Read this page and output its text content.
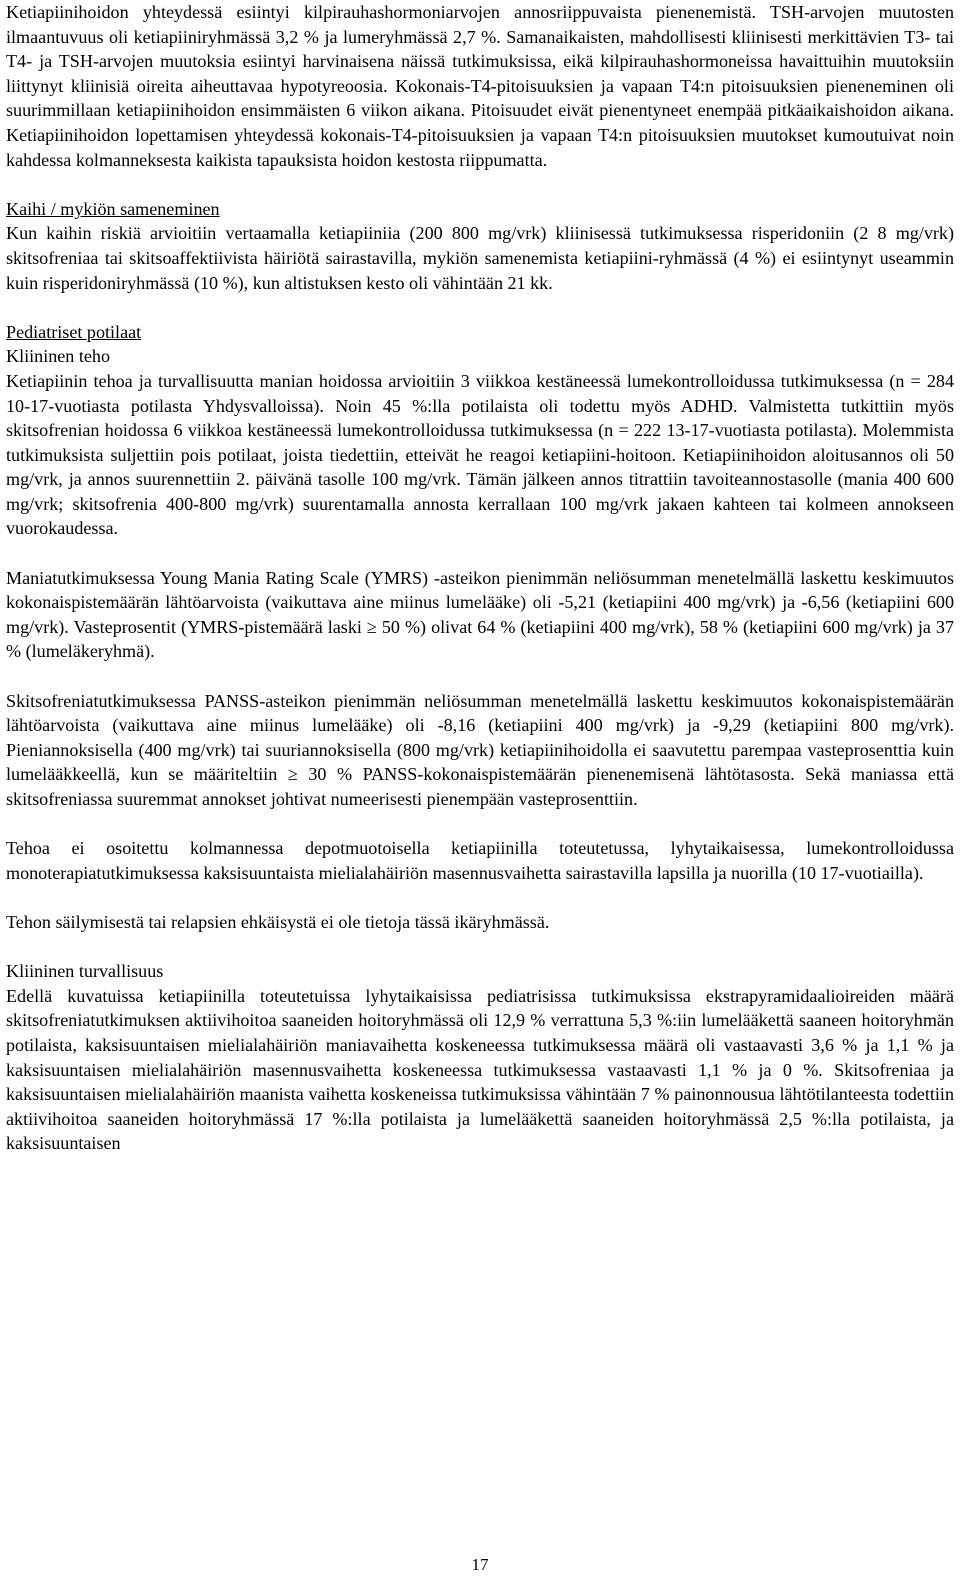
Ketiapiinihoidon yhteydessä esiintyi kilpirauhashormoniarvojen annosriippuvaista pienenemistä. TSH-arvojen muutosten ilmaantuvuus oli ketiapiiniryhmässä 3,2 % ja lumeryhmässä 2,7 %. Samanaikaisten, mahdollisesti kliinisesti merkittävien T3- tai T4- ja TSH-arvojen muutoksia esiintyi harvinaisena näissä tutkimuksissa, eikä kilpirauhashormoneissa havaittuihin muutoksiin liittynyt kliinisiä oireita aiheuttavaa hypotyreoosia. Kokonais-T4-pitoisuuksien ja vapaan T4:n pitoisuuksien pieneneminen oli suurimmillaan ketiapiinihoidon ensimmäisten 6 viikon aikana. Pitoisuudet eivät pienentyneet enempää pitkäaikaishoidon aikana. Ketiapiinihoidon lopettamisen yhteydessä kokonais-T4-pitoisuuksien ja vapaan T4:n pitoisuuksien muutokset kumoutuivat noin kahdessa kolmanneksesta kaikista tapauksista hoidon kestosta riippumatta.

Kaihi / mykiön sameneminen

Kun kaihin riskiä arvioitiin vertaamalla ketiapiiniia (200 800 mg/vrk) kliinisessä tutkimuksessa risperidoniin (2 8 mg/vrk) skitsofreniaa tai skitsoaffektiivista häiriötä sairastavilla, mykiön samenemista ketiapiini-ryhmässä (4 %) ei esiintynyt useammin kuin risperidoniryhmässä (10 %), kun altistuksen kesto oli vähintään 21 kk.

Pediatriset potilaat

Kliininen teho

Ketiapiinin tehoa ja turvallisuutta manian hoidossa arvioitiin 3 viikkoa kestäneessä lumekontrolloidussa tutkimuksessa (n = 284 10-17-vuotiasta potilasta Yhdysvalloissa). Noin 45 %:lla potilaista oli todettu myös ADHD. Valmistetta tutkittiin myös skitsofrenian hoidossa 6 viikkoa kestäneessä lumekontrolloidussa tutkimuksessa (n = 222 13-17-vuotiasta potilasta). Molemmista tutkimuksista suljettiin pois potilaat, joista tiedettiin, etteivät he reagoi ketiapiini-hoitoon. Ketiapiinihoidon aloitusannos oli 50 mg/vrk, ja annos suurennettiin 2. päivänä tasolle 100 mg/vrk. Tämän jälkeen annos titrattiin tavoiteannostasolle (mania 400 600 mg/vrk; skitsofrenia 400-800 mg/vrk) suurentamalla annosta kerrallaan 100 mg/vrk jakaen kahteen tai kolmeen annokseen vuorokaudessa.

Maniatutkimuksessa Young Mania Rating Scale (YMRS) -asteikon pienimmän neliösumman menetelmällä laskettu keskimuutos kokonaispistemäärän lähtöarvoista (vaikuttava aine miinus lumelääke) oli -5,21 (ketiapiini 400 mg/vrk) ja -6,56 (ketiapiini 600 mg/vrk). Vasteprosentit (YMRS-pistemäärä laski ≥ 50 %) olivat 64 % (ketiapiini 400 mg/vrk), 58 % (ketiapiini 600 mg/vrk) ja 37 % (lumeläkeryhmä).

Skitsofreniatutkimuksessa PANSS-asteikon pienimmän neliösumman menetelmällä laskettu keskimuutos kokonaispistemäärän lähtöarvoista (vaikuttava aine miinus lumelääke) oli -8,16 (ketiapiini 400 mg/vrk) ja -9,29 (ketiapiini 800 mg/vrk). Pieniannoksisella (400 mg/vrk) tai suuriannoksisella (800 mg/vrk) ketiapiinihoidolla ei saavutettu parempaa vasteprosenttia kuin lumelääkkeellä, kun se määriteltiin ≥ 30 % PANSS-kokonaispistemäärän pienenemisenä lähtötasosta. Sekä maniassa että skitsofreniassa suuremmat annokset johtivat numeerisesti pienempään vasteprosenttiin.

Tehoa ei osoitettu kolmannessa depotmuotoisella ketiapiinilla toteutetussa, lyhytaikaisessa, lumekontrolloidussa monoterapiatutkimuksessa kaksisuuntaista mielialahäiriön masennusvaihetta sairastavilla lapsilla ja nuorilla (10 17-vuotiailla).

Tehon säilymisestä tai relapsien ehkäisystä ei ole tietoja tässä ikäryhmässä.

Kliininen turvallisuus

Edellä kuvatuissa ketiapiinilla toteutetuissa lyhytaikaisissa pediatrisissa tutkimuksissa ekstrapyramidaalioireiden määrä skitsofreniatutkimuksen aktiivihoitoa saaneiden hoitoryhmässä oli 12,9 % verrattuna 5,3 %:iin lumelääkettä saaneen hoitoryhmän potilaista, kaksisuuntaisen mielialahäiriön maniavaihetta koskeneessa tutkimuksessa määrä oli vastaavasti 3,6 % ja 1,1 % ja kaksisuuntaisen mielialahäiriön masennusvaihetta koskeneessa tutkimuksessa vastaavasti 1,1 % ja 0 %. Skitsofreniaa ja kaksisuuntaisen mielialahäiriön maanista vaihetta koskeneissa tutkimuksissa vähintään 7 % painonnousua lähtötilanteesta todettiin aktiivihoitoa saaneiden hoitoryhmässä 17 %:lla potilaista ja lumelääkettä saaneiden hoitoryhmässä 2,5 %:lla potilaista, ja kaksisuuntaisen

17
